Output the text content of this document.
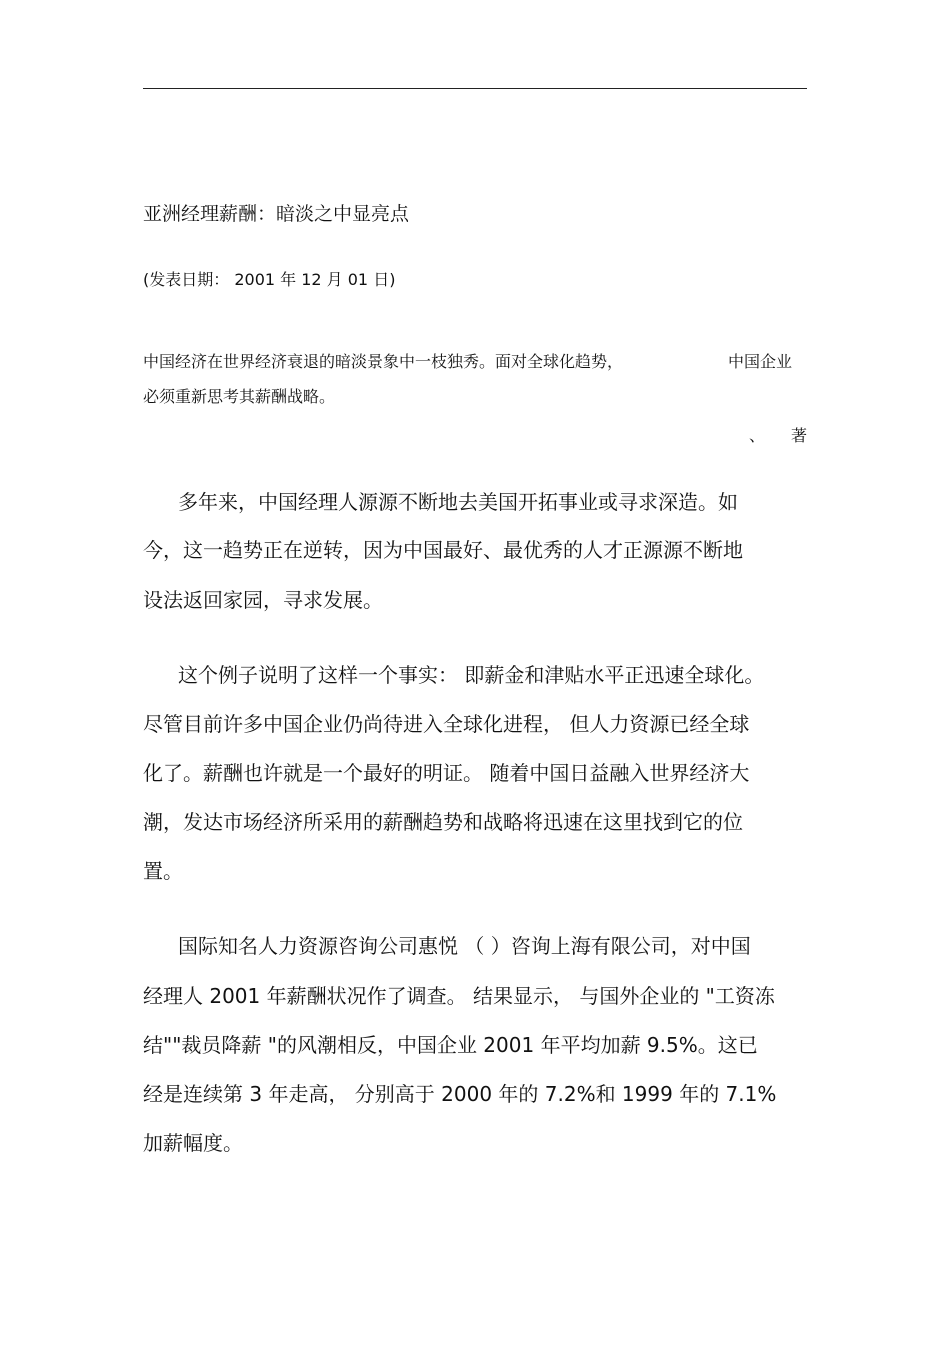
亚洲经理薪酬：暗淡之中显亮点
(发表日期： 2001 年 12 月 01 日)
中国经济在世界经济衰退的暗淡景象中一枝独秀。面对全球化趋势，	中国企业
必须重新思考其薪酬战略。
、 著
多年来，中国经理人源源不断地去美国开拓事业或寻求深造。如
今，这一趋势正在逆转，因为中国最好、最优秀的人才正源源不断地
设法返回家园，寻求发展。
这个例子说明了这样一个事实： 即薪金和津贴水平正迅速全球化。
尽管目前许多中国企业仍尚待进入全球化进程， 但人力资源已经全球
化了。薪酬也许就是一个最好的明证。 随着中国日益融入世界经济大
潮，发达市场经济所采用的薪酬趋势和战略将迅速在这里找到它的位
置。
国际知名人力资源咨询公司惠悦 （ ）咨询上海有限公司，对中国
经理人 2001 年薪酬状况作了调查。 结果显示， 与国外企业的 "工资冻
结""裁员降薪 "的风潮相反，中国企业 2001 年平均加薪 9.5%。这已
经是连续第 3 年走高， 分别高于 2000 年的 7.2%和 1999 年的 7.1%
加薪幅度。
